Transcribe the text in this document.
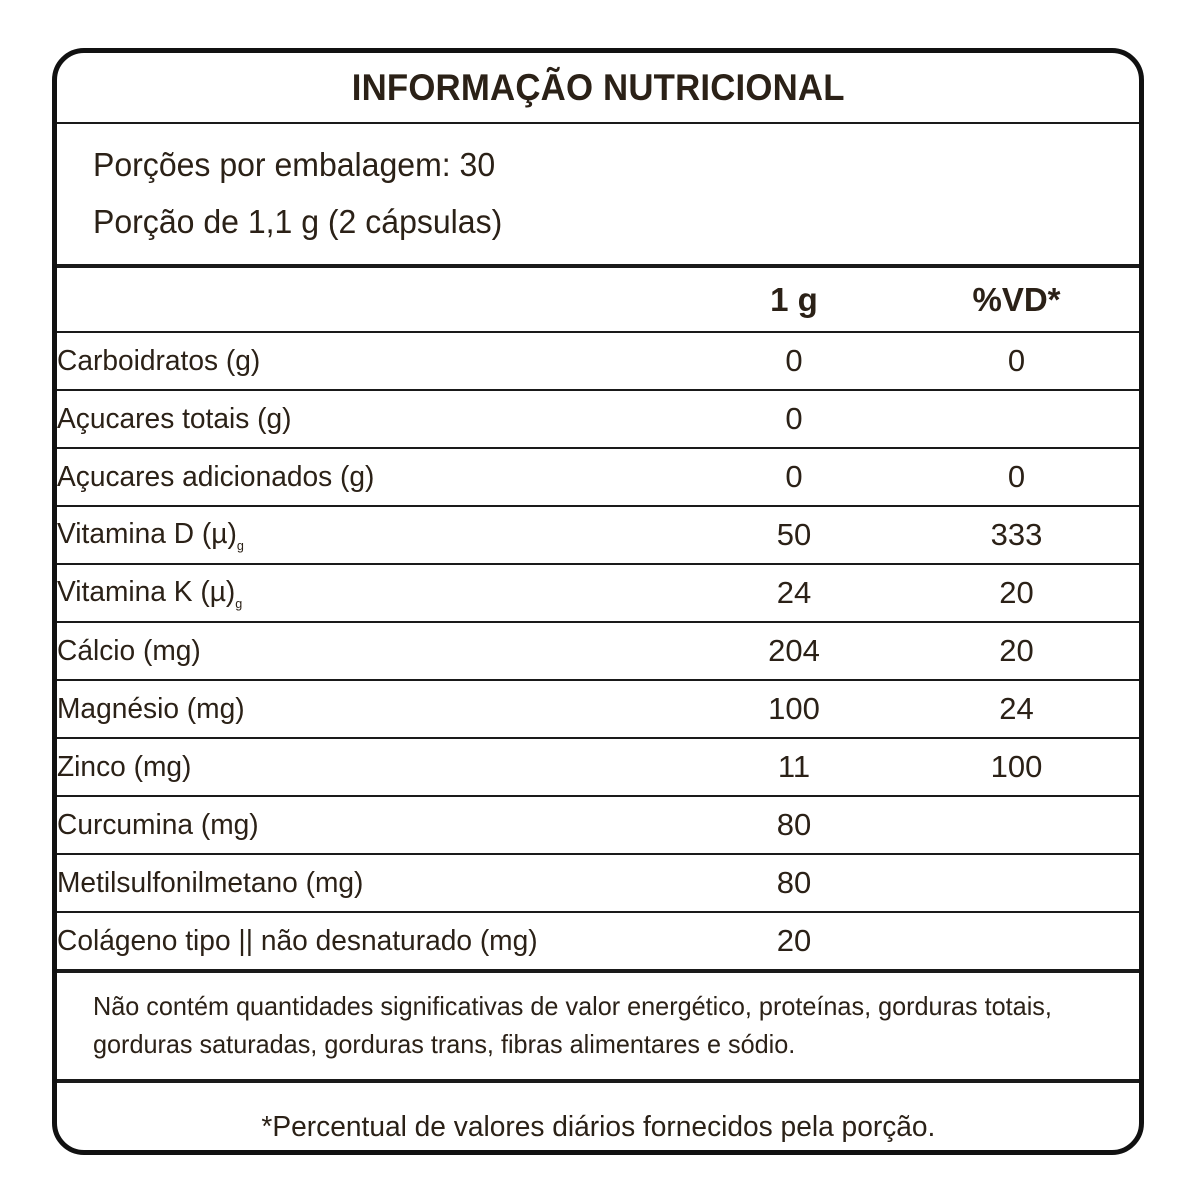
INFORMAÇÃO NUTRICIONAL
Porções por embalagem: 30
Porção de 1,1 g (2 cápsulas)
	1 g	%VD*
Carboidratos (g)	0	0
Açucares totais (g)	0	
Açucares adicionados (g)	0	0
Vitamina D $(\mu)_g$	50	333
Vitamina K $(\mu)_g$	24	20
Cálcio (mg)	204	20
Magnésio (mg)	100	24
Zinco (mg)	11	100
Curcumina (mg)	80	
Metilsulfonilmetano (mg)	80	
Colágeno tipo || não desnaturado (mg)	20	
Não contém quantidades significativas de valor energético, proteínas, gorduras totais, gorduras saturadas, gorduras trans, fibras alimentares e sódio.
*Percentual de valores diários fornecidos pela porção.
